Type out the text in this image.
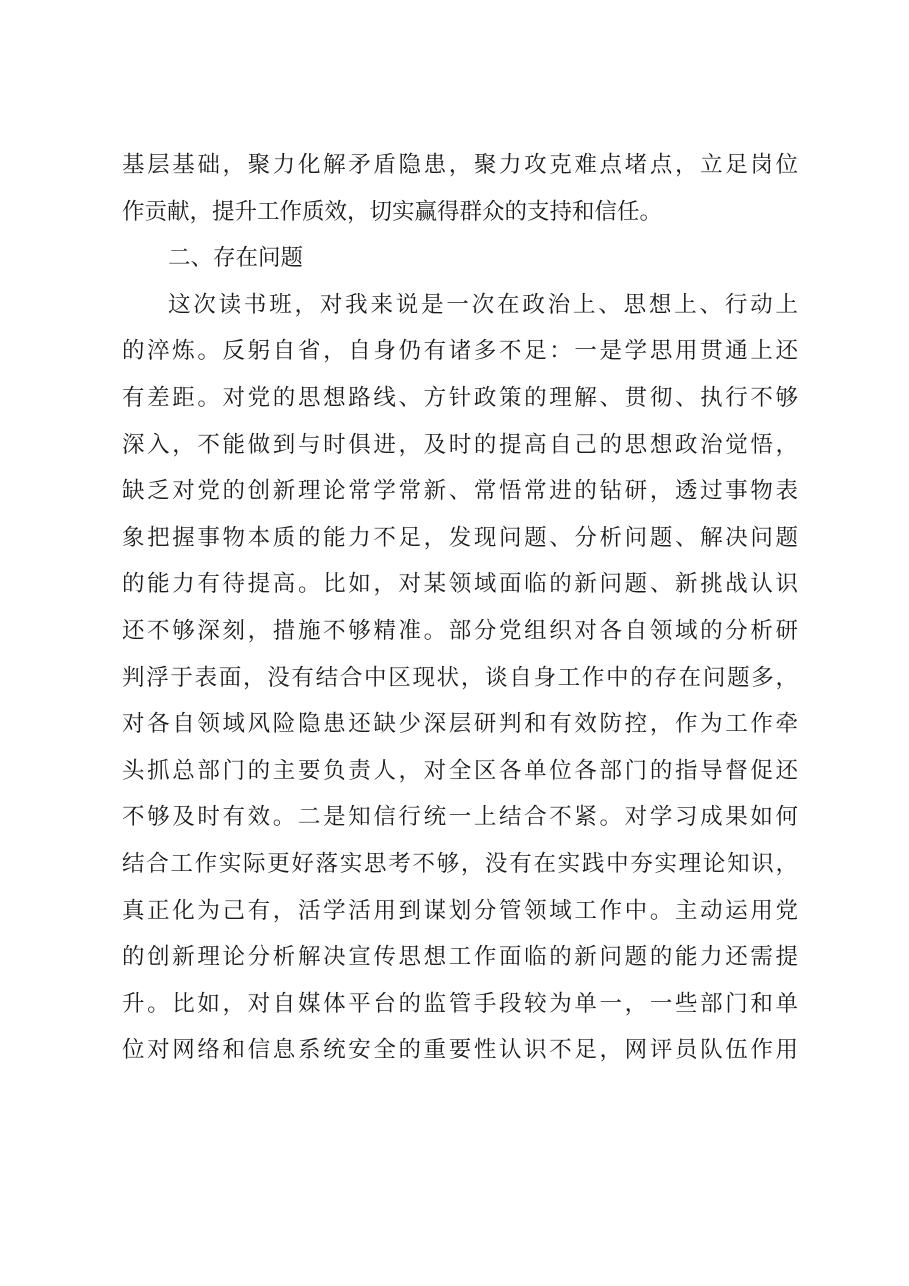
基层基础，聚力化解矛盾隐患，聚力攻克难点堵点，立足岗位
作贡献，提升工作质效，切实赢得群众的支持和信任。
二、存在问题
这次读书班，对我来说是一次在政治上、思想上、行动上
的淬炼。反躬自省，自身仍有诸多不足：一是学思用贯通上还
有差距。对党的思想路线、方针政策的理解、贯彻、执行不够
深入，不能做到与时俱进，及时的提高自己的思想政治觉悟，
缺乏对党的创新理论常学常新、常悟常进的钻研，透过事物表
象把握事物本质的能力不足，发现问题、分析问题、解决问题
的能力有待提高。比如，对某领域面临的新问题、新挑战认识
还不够深刻，措施不够精准。部分党组织对各自领域的分析研
判浮于表面，没有结合中区现状，谈自身工作中的存在问题多，
对各自领域风险隐患还缺少深层研判和有效防控，作为工作牵
头抓总部门的主要负责人，对全区各单位各部门的指导督促还
不够及时有效。二是知信行统一上结合不紧。对学习成果如何
结合工作实际更好落实思考不够，没有在实践中夯实理论知识，
真正化为己有，活学活用到谋划分管领域工作中。主动运用党
的创新理论分析解决宣传思想工作面临的新问题的能力还需提
升。比如，对自媒体平台的监管手段较为单一，一些部门和单
位对网络和信息系统安全的重要性认识不足，网评员队伍作用
